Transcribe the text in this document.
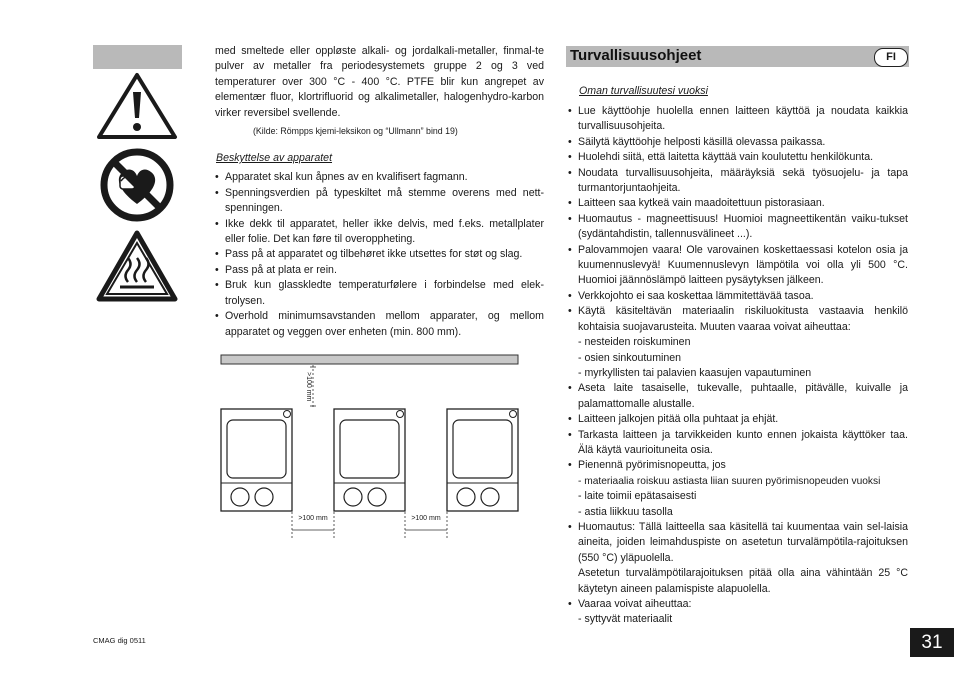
med smeltede eller oppløste alkali- og jordalkali-metaller, finmal-te pulver av metaller fra periodesystemets gruppe 2 og 3 ved temperaturer over 300 °C - 400 °C. PTFE blir kun angrepet av elementær fluor, klortrifluorid og alkalimetaller, halogenhydro-karbon virker reversibel svellende.

(Kilde: Römpps kjemi-leksikon og “Ullmann” bind 19)
Beskyttelse av apparatet
• Apparatet skal kun åpnes av en kvalifisert fagmann.
• Spenningsverdien på typeskiltet må stemme overens med nett-spenningen.
• Ikke dekk til apparatet, heller ikke delvis, med f.eks. metallplater eller folie. Det kan føre til overoppheting.
• Pass på at apparatet og tilbehøret ikke utsettes for støt og slag.
• Pass på at plata er rein.
• Bruk kun glasskledte temperaturfølere i forbindelse med elek-trolysen.
• Overhold minimumsavstanden mellom apparater, og mellom apparatet og veggen over enheten (min. 800 mm).
>100 mm
>100 mm	>100 mm
Turvallisuusohjeet	FI
Oman turvallisuutesi vuoksi
• Lue käyttöohje huolella ennen laitteen käyttöä ja noudata kaikkia turvallisuusohjeita.
• Säilytä käyttöohje helposti käsillä olevassa paikassa.
• Huolehdi siitä, että laitetta käyttää vain koulutettu henkilökunta.
• Noudata turvallisuusohjeita, määräyksiä sekä työsuojelu- ja tapa turmantorjuntaohjeita.
• Laitteen saa kytkeä vain maadoitettuun pistorasiaan.
• Huomautus - magneettisuus! Huomioi magneettikentän vaiku-tukset (sydäntahdistin, tallennusvälineet ...).
• Palovammojen vaara! Ole varovainen koskettaessasi kotelon osia ja kuumennuslevyä! Kuumennuslevyn lämpötila voi olla yli 500 °C. Huomioi jäännöslämpö laitteen pysäytyksen jälkeen.
• Verkkojohto ei saa koskettaa lämmitettävää tasoa.
• Käytä käsiteltävän materiaalin riskiluokitusta vastaavia henkilö kohtaisia suojavarusteita. Muuten vaaraa voivat aiheuttaa:
- nesteiden roiskuminen
- osien sinkoutuminen
- myrkyllisten tai palavien kaasujen vapautuminen
• Aseta laite tasaiselle, tukevalle, puhtaalle, pitävälle, kuivalle ja palamattomalle alustalle.
• Laitteen jalkojen pitää olla puhtaat ja ehjät.
• Tarkasta laitteen ja tarvikkeiden kunto ennen jokaista käyttöker taa. Älä käytä vaurioituneita osia.
• Pienennä pyörimisnopeutta, jos
- materiaalia roiskuu astiasta liian suuren pyörimisnopeuden vuoksi
- laite toimii epätasaisesti
- astia liikkuu tasolla
• Huomautus: Tällä laitteella saa käsitellä tai kuumentaa vain sel-laisia aineita, joiden leimahduspiste on asetetun turvalämpötila-rajoituksen (550 °C) yläpuolella.
Asetetun turvalämpötilarajoituksen pitää olla aina vähintään 25 °C käytetyn aineen palamispiste alapuolella.
• Vaaraa voivat aiheuttaa:
- syttyvät materiaalit
CMAG dig 0511	31
